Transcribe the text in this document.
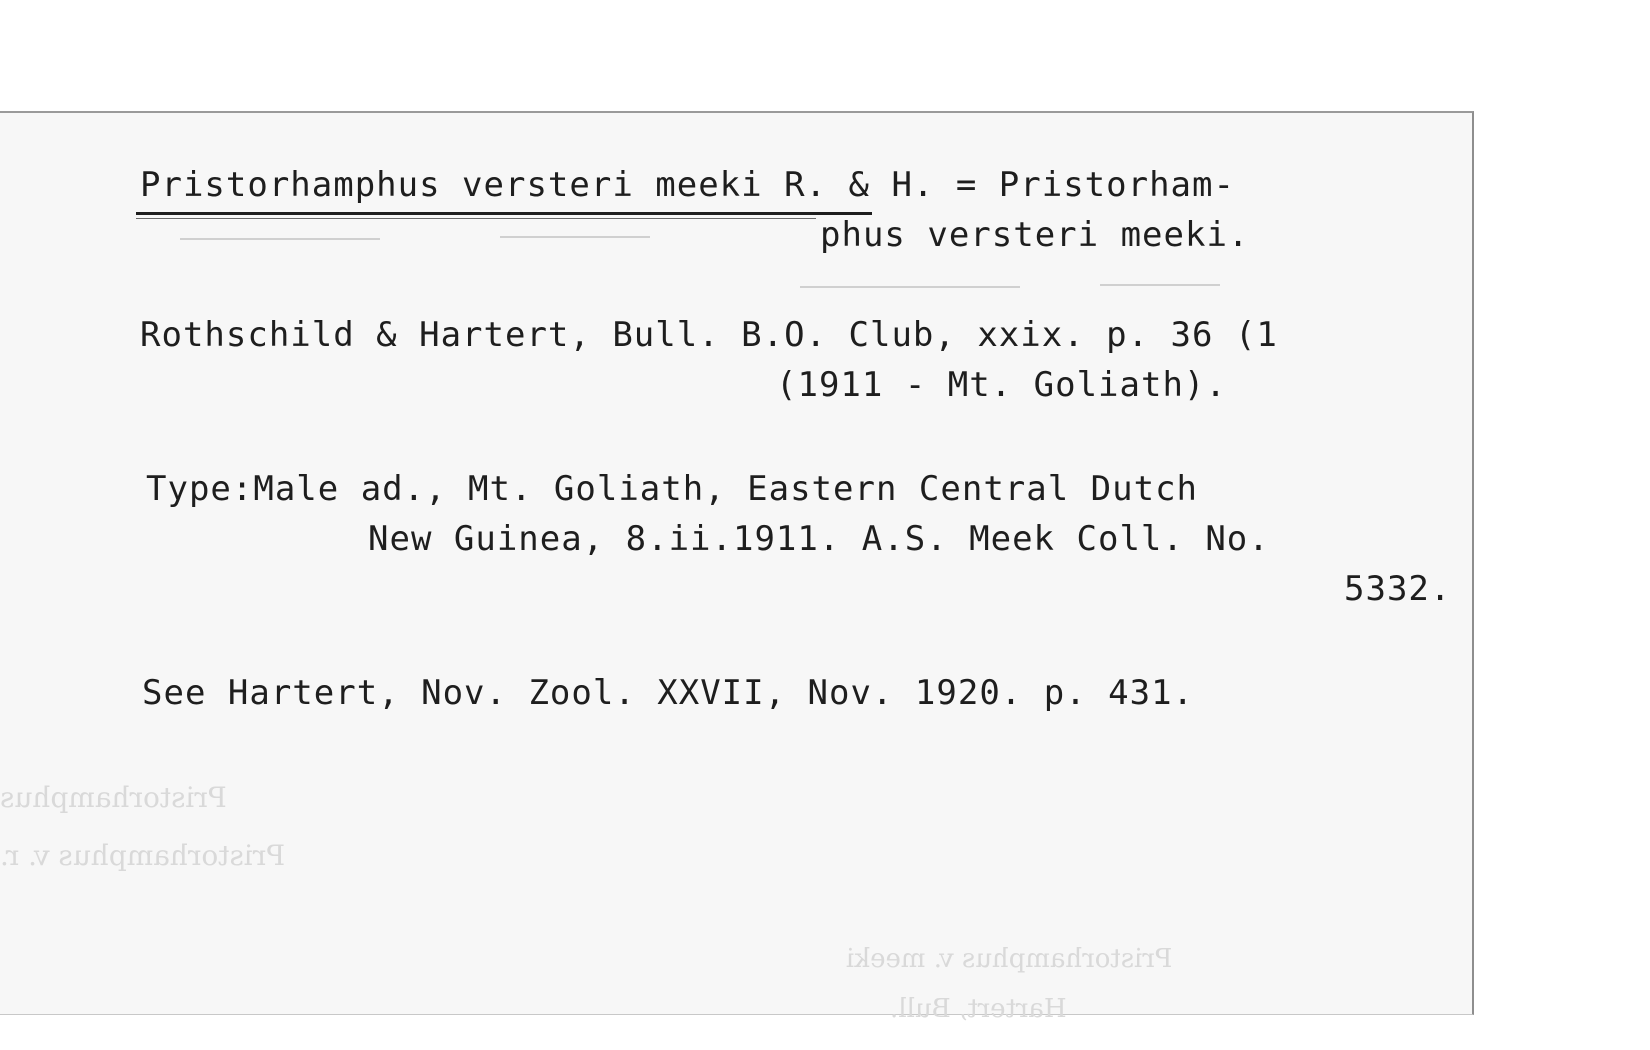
Pristorhamphus
Pristorhamphus v. r.
Pristorhamphus v. meeki
Hartert, Bull.
Pristorhamphus versteri meeki R. & H. = Pristorham-
phus versteri meeki.
Rothschild & Hartert, Bull. B.O. Club, xxix. p. 36 (1
(1911 - Mt. Goliath).
Type:Male ad., Mt. Goliath, Eastern Central Dutch
New Guinea, 8.ii.1911. A.S. Meek Coll. No.
5332.
See Hartert, Nov. Zool. XXVII, Nov. 1920. p. 431.
